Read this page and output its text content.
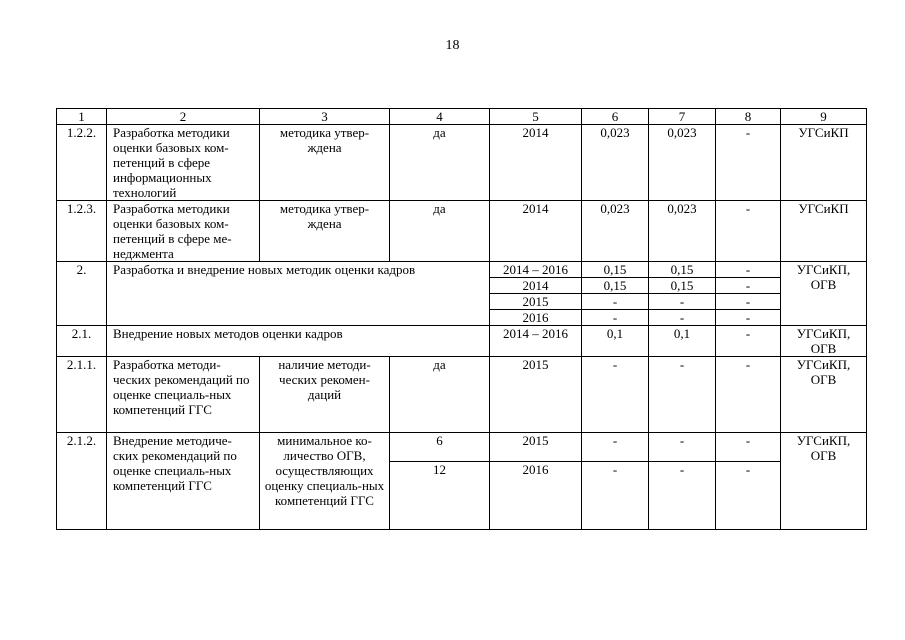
18
1	2	3	4	5	6	7	8	9
1.2.2.	Разработка методики оценки базовых ком-петенций в сфере информационных технологий	методика утвер-ждена	да	2014	0,023	0,023	-	УГСиКП
1.2.3.	Разработка методики оценки базовых ком-петенций в сфере ме-неджмента	методика утвер-ждена	да	2014	0,023	0,023	-	УГСиКП
2.	Разработка и внедрение новых методик оценки кадров			2014 – 2016	0,15	0,15	-	УГСиКП, ОГВ
				2014	0,15	0,15	-	
				2015	-	-	-	
				2016	-	-	-	
2.1.	Внедрение новых методов оценки кадров			2014 – 2016	0,1	0,1	-	УГСиКП, ОГВ
2.1.1.	Разработка методи-ческих рекомендаций по оценке специаль-ных компетенций ГГС	наличие методи-ческих рекомен-даций	да	2015	-	-	-	УГСиКП, ОГВ
2.1.2.	Внедрение методиче-ских рекомендаций по оценке специаль-ных компетенций ГГС	минимальное ко-личество ОГВ, осуществляющих оценку специаль-ных компетенций ГГС	6	2015	-	-	-	УГСиКП, ОГВ
			12	2016	-	-	-	
